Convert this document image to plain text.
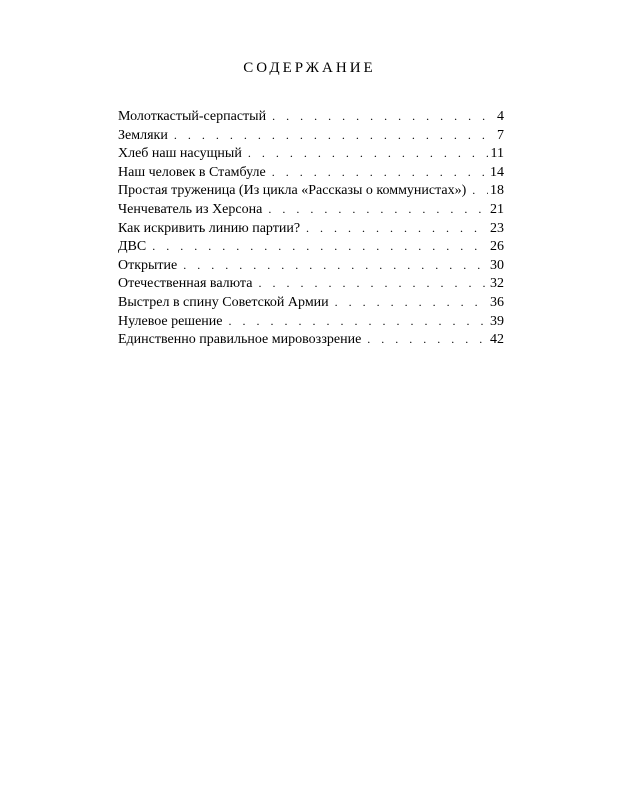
СОДЕРЖАНИЕ
Молоткастый-серпастый . . .	4
Земляки . . .	7
Хлеб наш насущный . . .	11
Наш человек в Стамбуле . . .	14
Простая труженица (Из цикла «Рассказы о коммунистах») . . . 18
Ченчеватель из Херсона . . .	21
Как искривить линию партии? . . .	23
ДВС . . .	26
Открытие . . .	30
Отечественная валюта . . .	32
Выстрел в спину Советской Армии . . .	36
Нулевое решение . . .	39
Единственно правильное мировоззрение . . .	42
